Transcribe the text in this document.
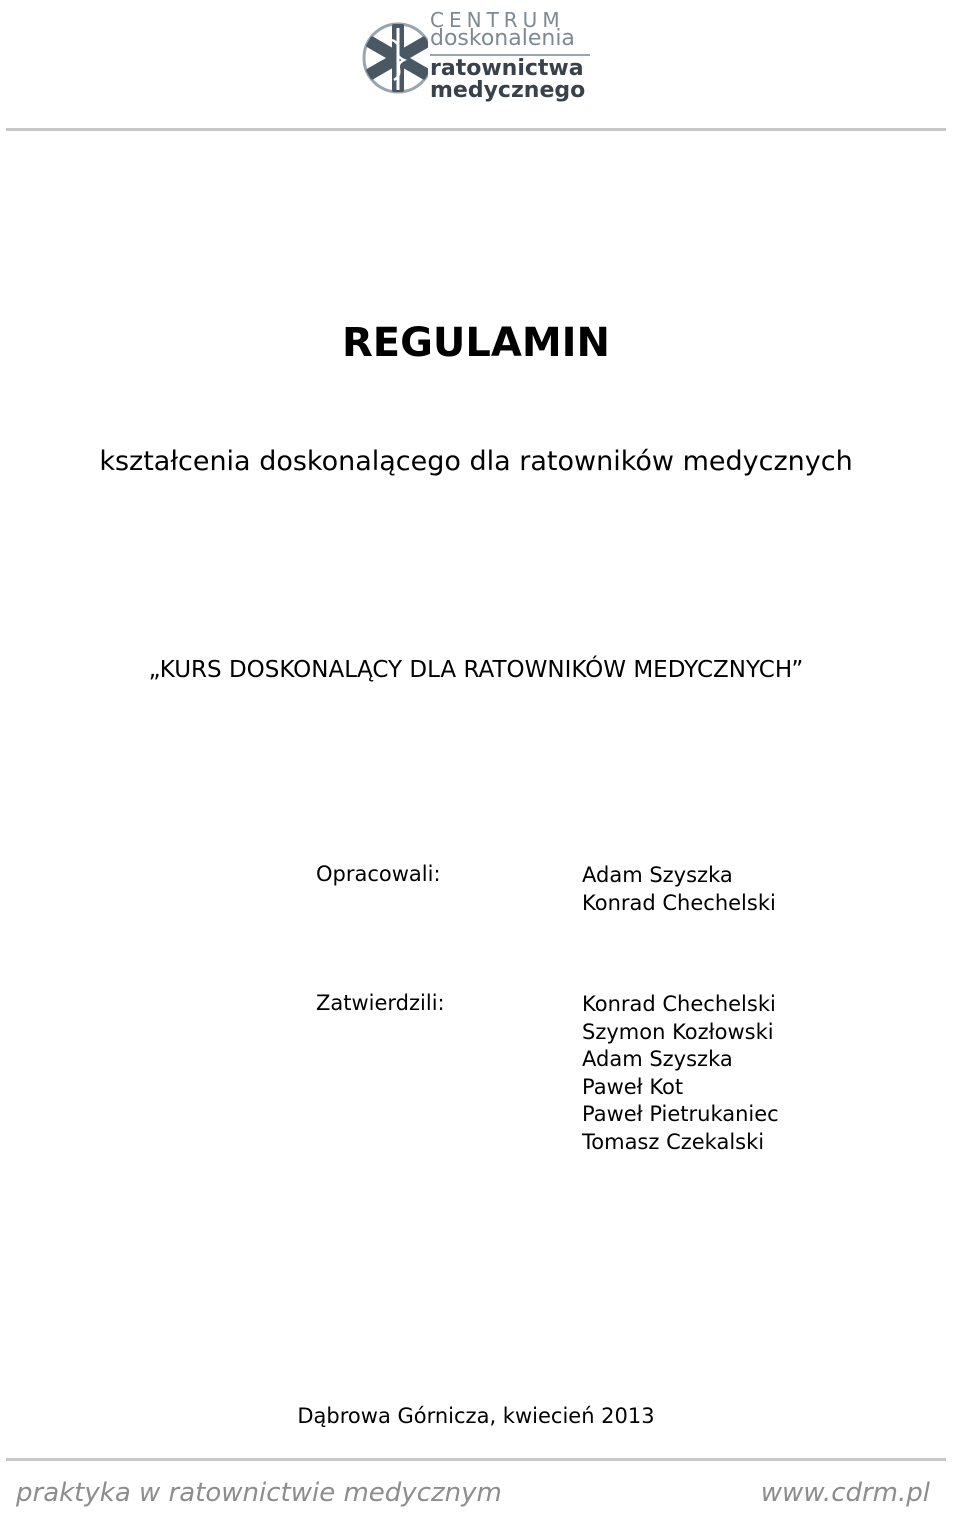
CENTRUM
doskonalenia
ratownictwa
medycznego
REGULAMIN
kształcenia doskonalącego dla ratowników medycznych
„KURS DOSKONALĄCY DLA RATOWNIKÓW MEDYCZNYCH”
Opracowali:	Adam Szyszka
Konrad Chechelski
Zatwierdzili:	Konrad Chechelski
Szymon Kozłowski
Adam Szyszka
Paweł Kot
Paweł Pietrukaniec
Tomasz Czekalski
Dąbrowa Górnicza, kwiecień 2013
praktyka w ratownictwie medycznym	www.cdrm.pl
